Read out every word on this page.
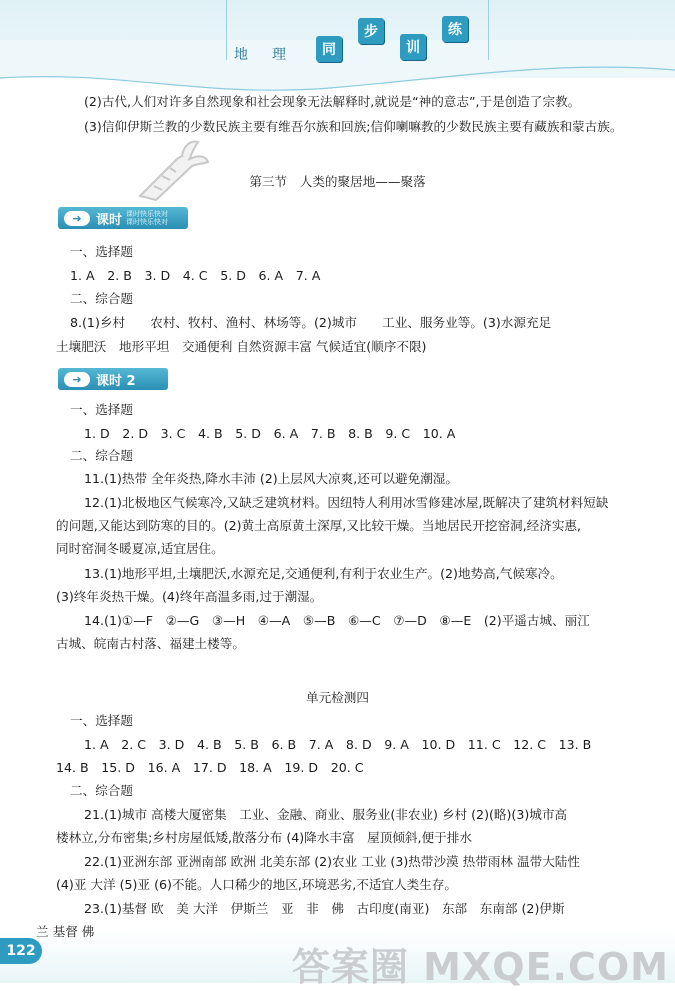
地 理	同
步
训
练
(2)古代,人们对许多自然现象和社会现象无法解释时,就说是“神的意志”,于是创造了宗教。
(3)信仰伊斯兰教的少数民族主要有维吾尔族和回族;信仰喇嘛教的少数民族主要有藏族和蒙古族。
第三节　人类的聚居地——聚落
➜	课时 课时快乐快对 课时快乐快对
一、选择题
1. A　2. B　3. D　4. C　5. D　6. A　7. A
二、综合题
8.(1)乡村　　农村、牧村、渔村、林场等。(2)城市　　工业、服务业等。(3)水源充足
土壤肥沃　地形平坦　交通便利 自然资源丰富 气候适宜(顺序不限)
➜	课时 2
一、选择题
1. D　2. D　3. C　4. B　5. D　6. A　7. B　8. B　9. C　10. A
二、综合题
11.(1)热带 全年炎热,降水丰沛 (2)上层风大凉爽,还可以避免潮湿。
12.(1)北极地区气候寒冷,又缺乏建筑材料。因纽特人利用冰雪修建冰屋,既解决了建筑材料短缺
的问题,又能达到防寒的目的。(2)黄土高原黄土深厚,又比较干燥。当地居民开挖窑洞,经济实惠,
同时窑洞冬暖夏凉,适宜居住。
13.(1)地形平坦,土壤肥沃,水源充足,交通便利,有利于农业生产。(2)地势高,气候寒冷。
(3)终年炎热干燥。(4)终年高温多雨,过于潮湿。
14.(1)①—F　②—G　③—H　④—A　⑤—B　⑥—C　⑦—D　⑧—E　(2)平遥古城、丽江
古城、皖南古村落、福建土楼等。
单元检测四
一、选择题
1. A　2. C　3. D　4. B　5. B　6. B　7. A　8. D　9. A　10. D　11. C　12. C　13. B
14. B　15. D　16. A　17. D　18. A　19. D　20. C
二、综合题
21.(1)城市 高楼大厦密集　工业、金融、商业、服务业(非农业) 乡村 (2)(略)(3)城市高
楼林立,分布密集;乡村房屋低矮,散落分布 (4)降水丰富　屋顶倾斜,便于排水
22.(1)亚洲东部 亚洲南部 欧洲 北美东部 (2)农业 工业 (3)热带沙漠 热带雨林 温带大陆性
(4)亚 大洋 (5)亚 (6)不能。人口稀少的地区,环境恶劣,不适宜人类生存。
23.(1)基督 欧　美 大洋　伊斯兰　亚　非　佛　古印度(南亚)　东部　东南部 (2)伊斯
兰 基督 佛
122	答案圈 MXQE.COM
